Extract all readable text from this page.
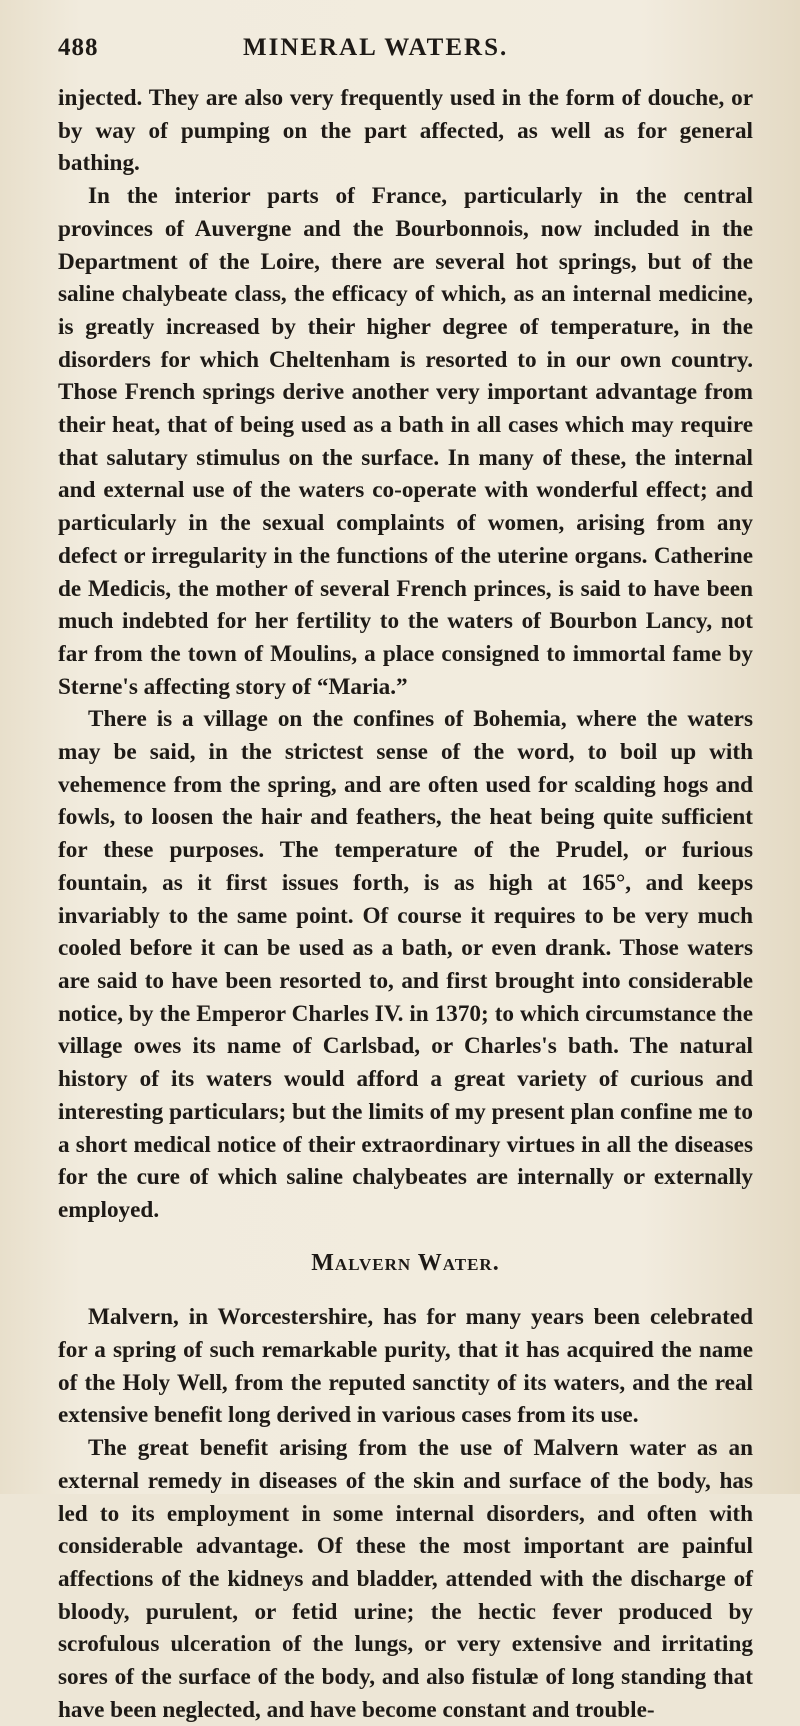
488	MINERAL WATERS.

injected. They are also very frequently used in the form of douche, or by way of pumping on the part affected, as well as for general bathing.

In the interior parts of France, particularly in the central provinces of Auvergne and the Bourbonnois, now included in the Department of the Loire, there are several hot springs, but of the saline chalybeate class, the efficacy of which, as an internal medicine, is greatly increased by their higher degree of temperature, in the disorders for which Cheltenham is resorted to in our own country. Those French springs derive another very important advantage from their heat, that of being used as a bath in all cases which may require that salutary stimulus on the surface. In many of these, the internal and external use of the waters co-operate with wonderful effect; and particularly in the sexual complaints of women, arising from any defect or irregularity in the functions of the uterine organs. Catherine de Medicis, the mother of several French princes, is said to have been much indebted for her fertility to the waters of Bourbon Lancy, not far from the town of Moulins, a place consigned to immortal fame by Sterne's affecting story of “Maria.”

There is a village on the confines of Bohemia, where the waters may be said, in the strictest sense of the word, to boil up with vehemence from the spring, and are often used for scalding hogs and fowls, to loosen the hair and feathers, the heat being quite sufficient for these purposes. The temperature of the Prudel, or furious fountain, as it first issues forth, is as high at 165°, and keeps invariably to the same point. Of course it requires to be very much cooled before it can be used as a bath, or even drank. Those waters are said to have been resorted to, and first brought into considerable notice, by the Emperor Charles IV. in 1370; to which circumstance the village owes its name of Carlsbad, or Charles's bath. The natural history of its waters would afford a great variety of curious and interesting particulars; but the limits of my present plan confine me to a short medical notice of their extraordinary virtues in all the diseases for the cure of which saline chalybeates are internally or externally employed.

Malvern Water.

Malvern, in Worcestershire, has for many years been celebrated for a spring of such remarkable purity, that it has acquired the name of the Holy Well, from the reputed sanctity of its waters, and the real extensive benefit long derived in various cases from its use.

The great benefit arising from the use of Malvern water as an external remedy in diseases of the skin and surface of the body, has led to its employment in some internal disorders, and often with considerable advantage. Of these the most important are painful affections of the kidneys and bladder, attended with the discharge of bloody, purulent, or fetid urine; the hectic fever produced by scrofulous ulceration of the lungs, or very extensive and irritating sores of the surface of the body, and also fistulæ of long standing that have been neglected, and have become constant and trouble-
